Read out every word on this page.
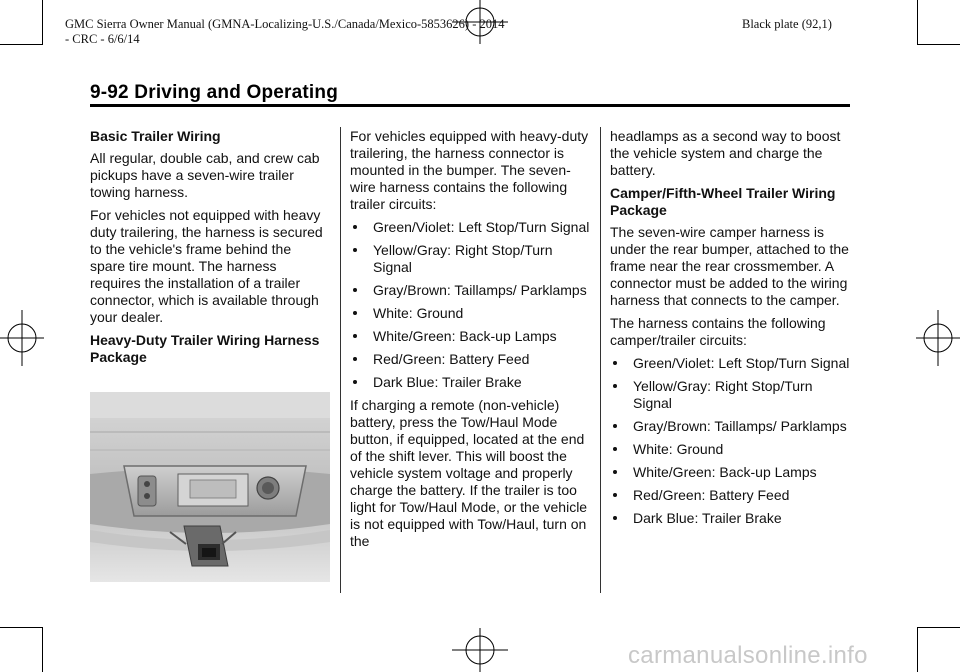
GMC Sierra Owner Manual (GMNA-Localizing-U.S./Canada/Mexico-5853626) - 2014 - CRC - 6/6/14
Black plate (92,1)
9-92 Driving and Operating

Basic Trailer Wiring

All regular, double cab, and crew cab pickups have a seven-wire trailer towing harness.

For vehicles not equipped with heavy duty trailering, the harness is secured to the vehicle's frame behind the spare tire mount. The harness requires the installation of a trailer connector, which is available through your dealer.

Heavy-Duty Trailer Wiring Harness Package

For vehicles equipped with heavy-duty trailering, the harness connector is mounted in the bumper. The seven-wire harness contains the following trailer circuits:

Green/Violet: Left Stop/Turn Signal
Yellow/Gray: Right Stop/Turn Signal
Gray/Brown: Taillamps/ Parklamps
White: Ground
White/Green: Back-up Lamps
Red/Green: Battery Feed
Dark Blue: Trailer Brake

If charging a remote (non-vehicle) battery, press the Tow/Haul Mode button, if equipped, located at the end of the shift lever. This will boost the vehicle system voltage and properly charge the battery. If the trailer is too light for Tow/Haul Mode, or the vehicle is not equipped with Tow/Haul, turn on the

headlamps as a second way to boost the vehicle system and charge the battery.

Camper/Fifth-Wheel Trailer Wiring Package

The seven-wire camper harness is under the rear bumper, attached to the frame near the rear crossmember. A connector must be added to the wiring harness that connects to the camper.

The harness contains the following camper/trailer circuits:

Green/Violet: Left Stop/Turn Signal
Yellow/Gray: Right Stop/Turn Signal
Gray/Brown: Taillamps/ Parklamps
White: Ground
White/Green: Back-up Lamps
Red/Green: Battery Feed
Dark Blue: Trailer Brake
carmanualsonline.info
